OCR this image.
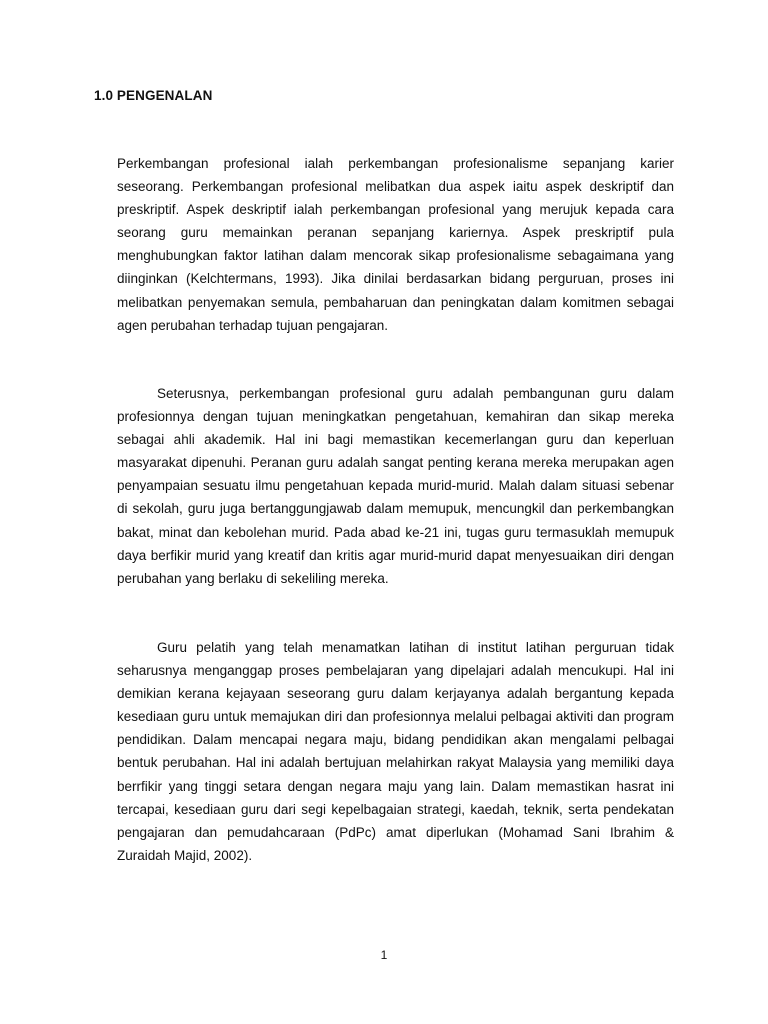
1.0 PENGENALAN

Perkembangan profesional ialah perkembangan profesionalisme sepanjang karier seseorang. Perkembangan profesional melibatkan dua aspek iaitu aspek deskriptif dan preskriptif. Aspek deskriptif ialah perkembangan profesional yang merujuk kepada cara seorang guru memainkan peranan sepanjang kariernya. Aspek preskriptif pula menghubungkan faktor latihan dalam mencorak sikap profesionalisme sebagaimana yang diinginkan (Kelchtermans, 1993). Jika dinilai berdasarkan bidang perguruan, proses ini melibatkan penyemakan semula, pembaharuan dan peningkatan dalam komitmen sebagai agen perubahan terhadap tujuan pengajaran.

Seterusnya, perkembangan profesional guru adalah pembangunan guru dalam profesionnya dengan tujuan meningkatkan pengetahuan, kemahiran dan sikap mereka sebagai ahli akademik. Hal ini bagi memastikan kecemerlangan guru dan keperluan masyarakat dipenuhi. Peranan guru adalah sangat penting kerana mereka merupakan agen penyampaian sesuatu ilmu pengetahuan kepada murid-murid. Malah dalam situasi sebenar di sekolah, guru juga bertanggungjawab dalam memupuk, mencungkil dan perkembangkan bakat, minat dan kebolehan murid. Pada abad ke-21 ini, tugas guru termasuklah memupuk daya berfikir murid yang kreatif dan kritis agar murid-murid dapat menyesuaikan diri dengan perubahan yang berlaku di sekeliling mereka.

Guru pelatih yang telah menamatkan latihan di institut latihan perguruan tidak seharusnya menganggap proses pembelajaran yang dipelajari adalah mencukupi. Hal ini demikian kerana kejayaan seseorang guru dalam kerjayanya adalah bergantung kepada kesediaan guru untuk memajukan diri dan profesionnya melalui pelbagai aktiviti dan program pendidikan. Dalam mencapai negara maju, bidang pendidikan akan mengalami pelbagai bentuk perubahan. Hal ini adalah bertujuan melahirkan rakyat Malaysia yang memiliki daya berrfikir yang tinggi setara dengan negara maju yang lain. Dalam memastikan hasrat ini tercapai, kesediaan guru dari segi kepelbagaian strategi, kaedah, teknik, serta pendekatan pengajaran dan pemudahcaraan (PdPc) amat diperlukan (Mohamad Sani Ibrahim & Zuraidah Majid, 2002).

1
